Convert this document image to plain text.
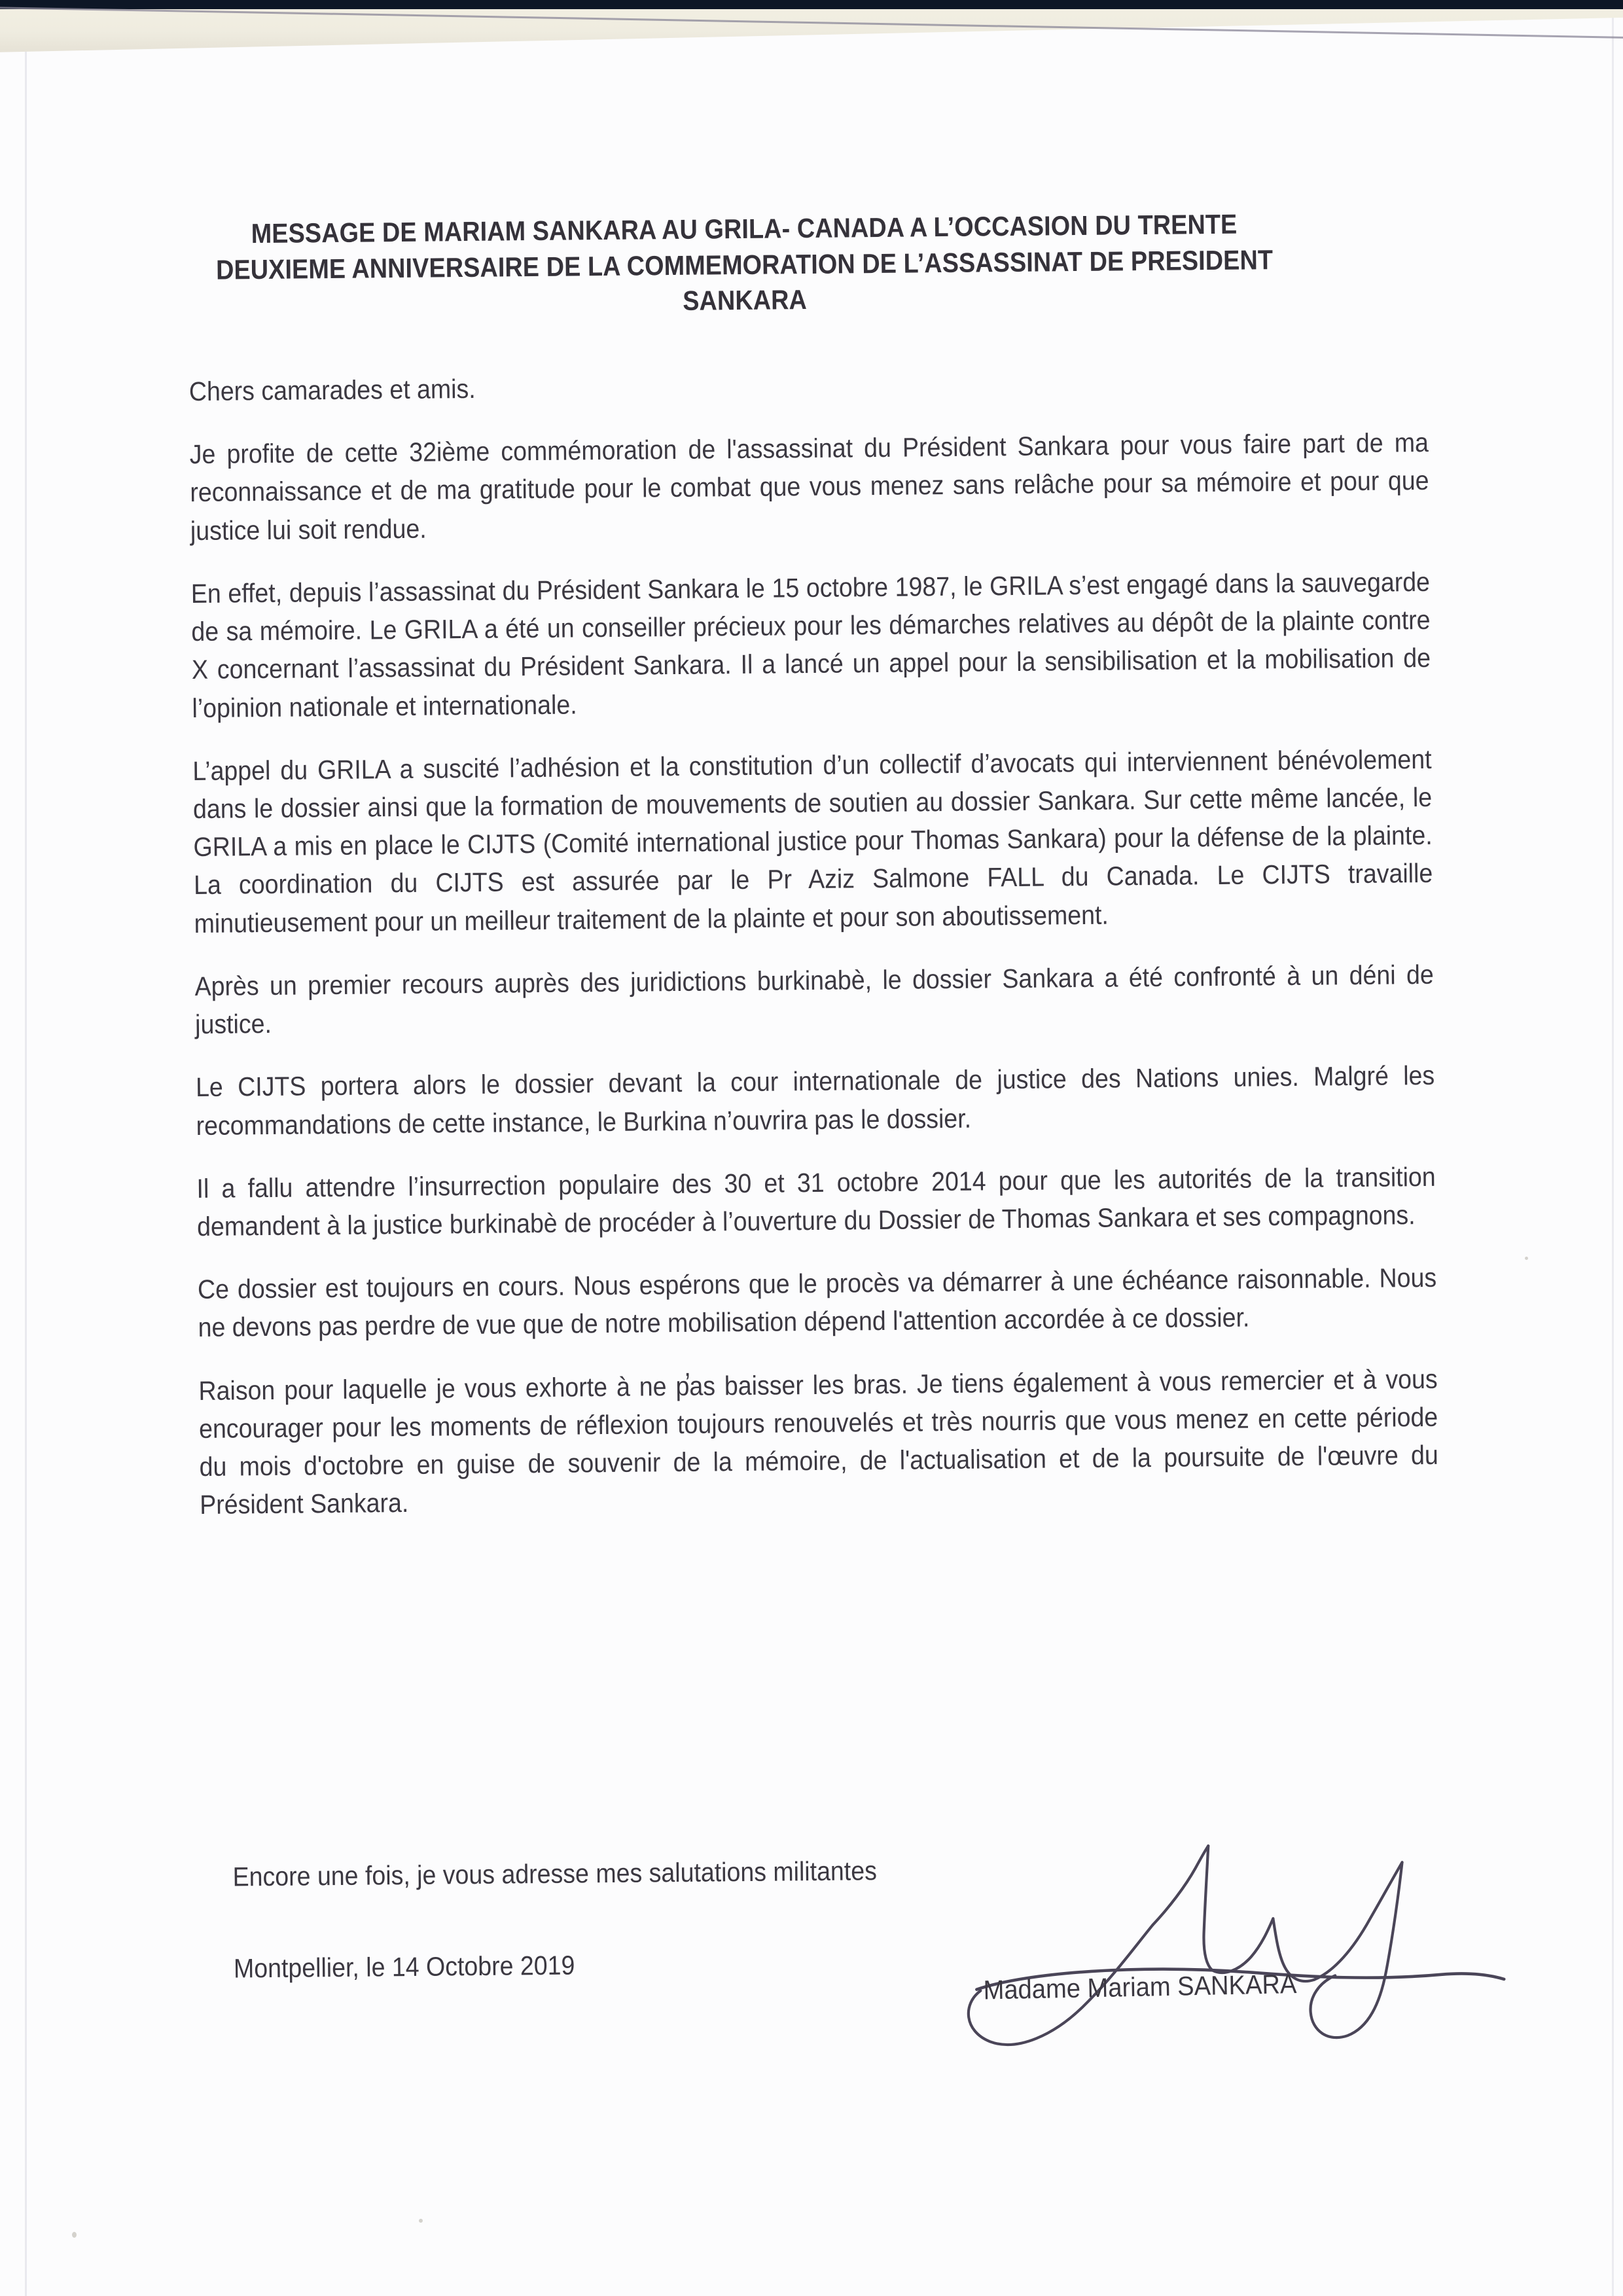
MESSAGE DE MARIAM SANKARA AU GRILA- CANADA A L’OCCASION DU TRENTE DEUXIEME ANNIVERSAIRE DE LA COMMEMORATION DE L’ASSASSINAT DE PRESIDENT SANKARA

Chers camarades et amis.

Je profite de cette 32ième commémoration de l'assassinat du Président Sankara pour vous faire part de ma reconnaissance et de ma gratitude pour le combat que vous menez sans relâche pour sa mémoire et pour que justice lui soit rendue.

En effet, depuis l’assassinat du Président Sankara le 15 octobre 1987, le GRILA s’est engagé dans la sauvegarde de sa mémoire. Le GRILA a été un conseiller précieux pour les démarches relatives au dépôt de la plainte contre X concernant l’assassinat du Président Sankara. Il a lancé un appel pour la sensibilisation et la mobilisation de l’opinion nationale et internationale.

L’appel du GRILA a suscité l’adhésion et la constitution d’un collectif d’avocats qui interviennent bénévolement dans le dossier ainsi que la formation de mouvements de soutien au dossier Sankara. Sur cette même lancée, le GRILA a mis en place le CIJTS (Comité international justice pour Thomas Sankara) pour la défense de la plainte. La coordination du CIJTS est assurée par le Pr Aziz Salmone FALL du Canada. Le CIJTS travaille minutieusement pour un meilleur traitement de la plainte et pour son aboutissement.

Après un premier recours auprès des juridictions burkinabè, le dossier Sankara a été confronté à un déni de justice.

Le CIJTS portera alors le dossier devant la cour internationale de justice des Nations unies. Malgré les recommandations de cette instance, le Burkina n’ouvrira pas le dossier.

Il a fallu attendre l’insurrection populaire des 30 et 31 octobre 2014 pour que les autorités de la transition demandent à la justice burkinabè de procéder à l’ouverture du Dossier de Thomas Sankara et ses compagnons.

Ce dossier est toujours en cours. Nous espérons que le procès va démarrer à une échéance raisonnable. Nous ne devons pas perdre de vue que de notre mobilisation dépend l'attention accordée à ce dossier.

Raison pour laquelle je vous exhorte à ne p̕as baisser les bras. Je tiens également à vous remercier et à vous encourager pour les moments de réflexion toujours renouvelés et très nourris que vous menez en cette période du mois d'octobre en guise de souvenir de la mémoire, de l'actualisation et de la poursuite de l'œuvre du Président Sankara.

Encore une fois, je vous adresse mes salutations militantes

Montpellier, le 14 Octobre 2019

Madame Mariam SANKARA
